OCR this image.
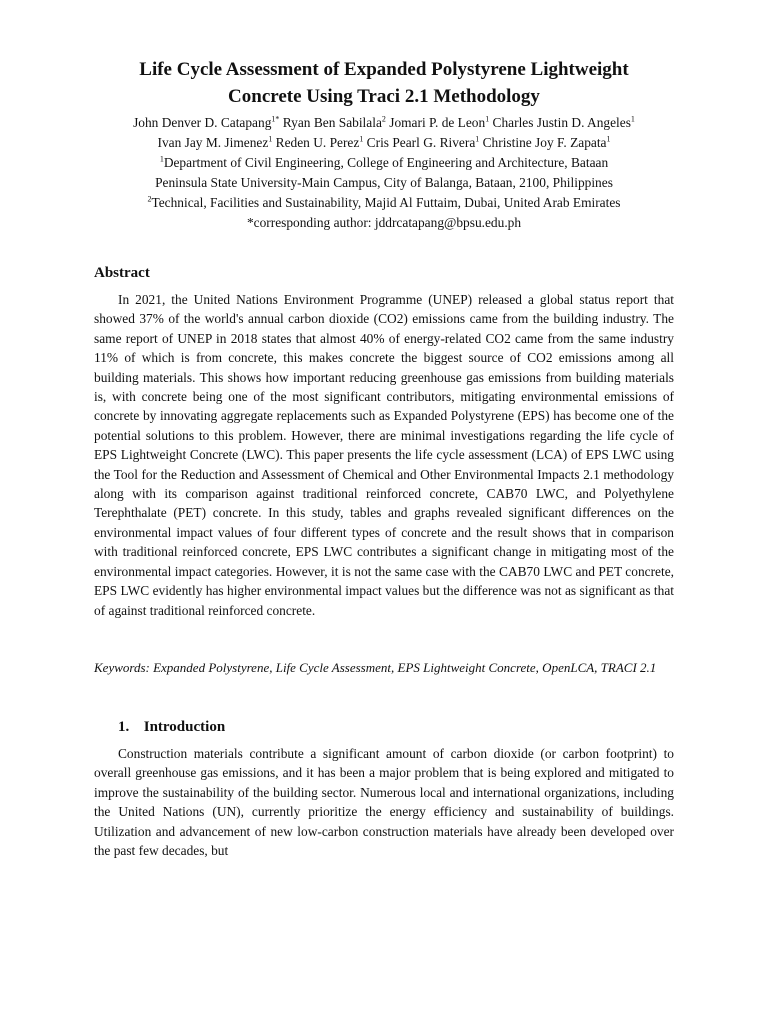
Life Cycle Assessment of Expanded Polystyrene Lightweight
Concrete Using Traci 2.1 Methodology

John Denver D. Catapang$^{1*}$ Ryan Ben Sabilala$^2$ Jomari P. de Leon$^1$ Charles Justin D. Angeles$^1$
Ivan Jay M. Jimenez$^1$ Reden U. Perez$^1$ Cris Pearl G. Rivera$^1$ Christine Joy F. Zapata$^1$

$^1$Department of Civil Engineering, College of Engineering and Architecture, Bataan
Peninsula State University-Main Campus, City of Balanga, Bataan, 2100, Philippines
$^2$Technical, Facilities and Sustainability, Majid Al Futtaim, Dubai, United Arab Emirates
*corresponding author: jddrcatapang@bpsu.edu.ph

Abstract

In 2021, the United Nations Environment Programme (UNEP) released a global status report that showed 37% of the world's annual carbon dioxide (CO2) emissions came from the building industry. The same report of UNEP in 2018 states that almost 40% of energy-related CO2 came from the same industry 11% of which is from concrete, this makes concrete the biggest source of CO2 emissions among all building materials. This shows how important reducing greenhouse gas emissions from building materials is, with concrete being one of the most significant contributors, mitigating environmental emissions of concrete by innovating aggregate replacements such as Expanded Polystyrene (EPS) has become one of the potential solutions to this problem. However, there are minimal investigations regarding the life cycle of EPS Lightweight Concrete (LWC). This paper presents the life cycle assessment (LCA) of EPS LWC using the Tool for the Reduction and Assessment of Chemical and Other Environmental Impacts 2.1 methodology along with its comparison against traditional reinforced concrete, CAB70 LWC, and Polyethylene Terephthalate (PET) concrete. In this study, tables and graphs revealed significant differences on the environmental impact values of four different types of concrete and the result shows that in comparison with traditional reinforced concrete, EPS LWC contributes a significant change in mitigating most of the environmental impact categories. However, it is not the same case with the CAB70 LWC and PET concrete, EPS LWC evidently has higher environmental impact values but the difference was not as significant as that of against traditional reinforced concrete.

Keywords: Expanded Polystyrene, Life Cycle Assessment, EPS Lightweight Concrete, OpenLCA, TRACI 2.1

1. Introduction

Construction materials contribute a significant amount of carbon dioxide (or carbon footprint) to overall greenhouse gas emissions, and it has been a major problem that is being explored and mitigated to improve the sustainability of the building sector. Numerous local and international organizations, including the United Nations (UN), currently prioritize the energy efficiency and sustainability of buildings. Utilization and advancement of new low-carbon construction materials have already been developed over the past few decades, but
